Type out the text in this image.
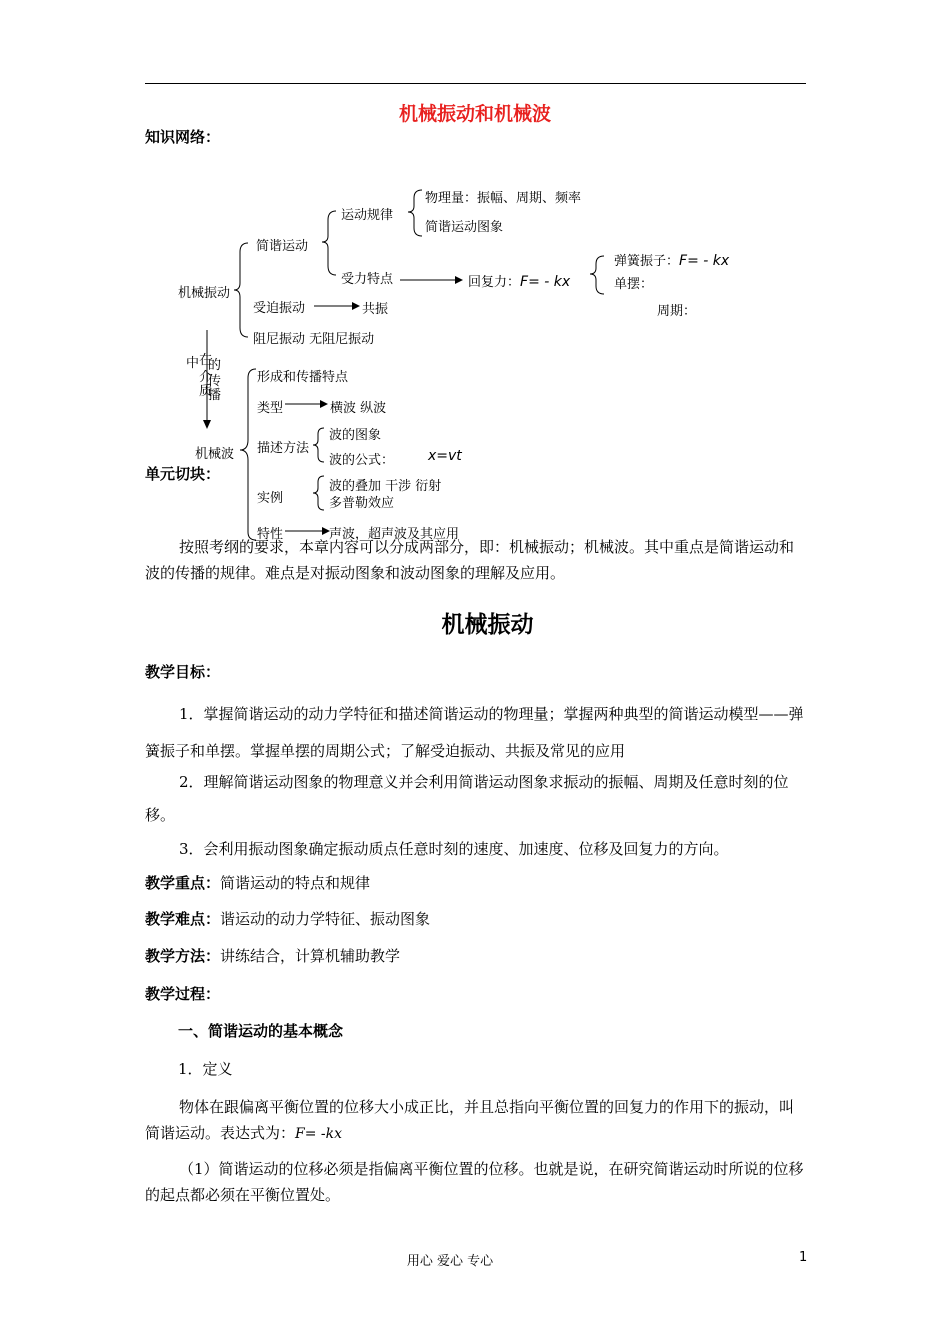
机械振动和机械波
知识网络：
机械振动
简谐运动
运动规律
物理量：振幅、周期、频率
简谐运动图象
受力特点	回复力：F= - kx
弹簧振子：F= - kx
单摆：
周期：
受迫振动	共振
阻尼振动 无阻尼振动
在
中 的
介
传
质
播
机械波
形成和传播特点
类型	横波 纵波
描述方法
波的图象
波的公式： x=vt
实例
波的叠加 干涉 衍射
多普勒效应
特性	声波，超声波及其应用
单元切块：
按照考纲的要求，本章内容可以分成两部分，即：机械振动；机械波。其中重点是简谐运动和波的传播的规律。难点是对振动图象和波动图象的理解及应用。
机械振动
教学目标：
1．掌握简谐运动的动力学特征和描述简谐运动的物理量；掌握两种典型的简谐运动模型——弹簧振子和单摆。掌握单摆的周期公式；了解受迫振动、共振及常见的应用
2．理解简谐运动图象的物理意义并会利用简谐运动图象求振动的振幅、周期及任意时刻的位移。
3．会利用振动图象确定振动质点任意时刻的速度、加速度、位移及回复力的方向。
教学重点：简谐运动的特点和规律
教学难点：谐运动的动力学特征、振动图象
教学方法：讲练结合，计算机辅助教学
教学过程：
一、简谐运动的基本概念
1．定义
物体在跟偏离平衡位置的位移大小成正比，并且总指向平衡位置的回复力的作用下的振动，叫简谐运动。表达式为：F= -kx
（1）简谐运动的位移必须是指偏离平衡位置的位移。也就是说，在研究简谐运动时所说的位移的起点都必须在平衡位置处。
用心 爱心 专心	1
